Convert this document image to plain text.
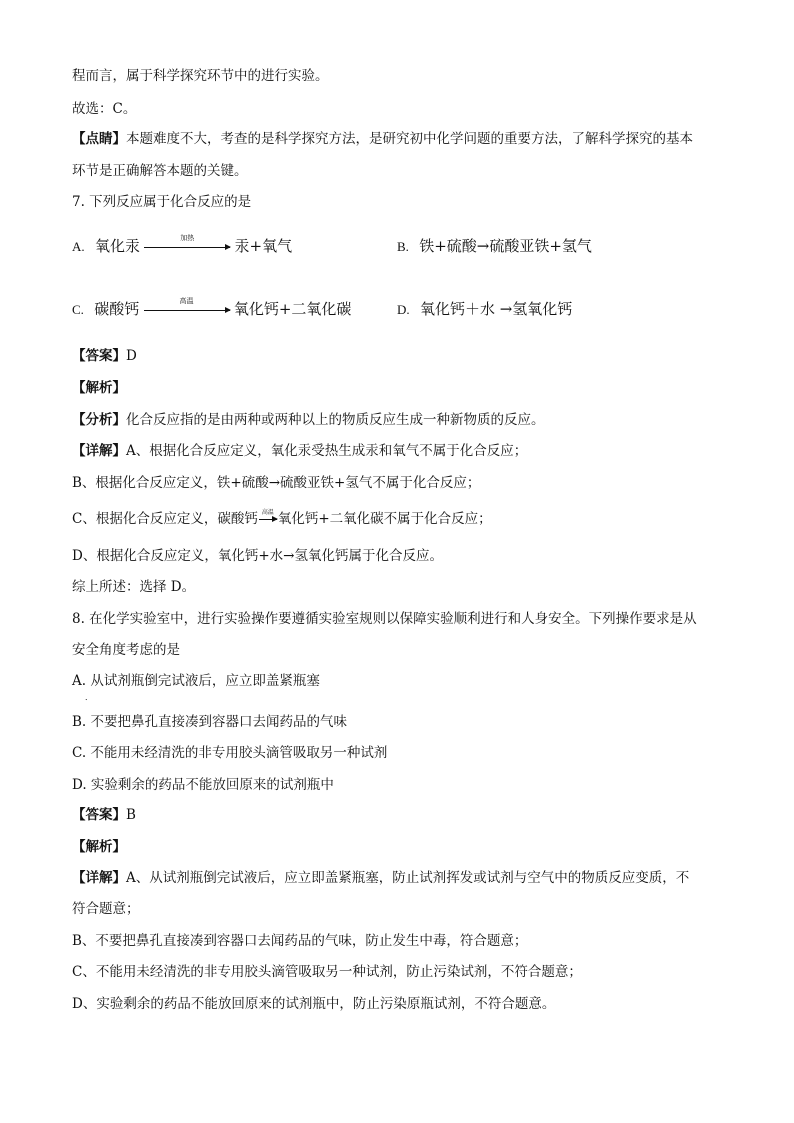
程而言，属于科学探究环节中的进行实验。
故选：C。
【点睛】本题难度不大，考查的是科学探究方法，是研究初中化学问题的重要方法，了解科学探究的基本
环节是正确解答本题的关键。
7. 下列反应属于化合反应的是
A. 氧化汞	加热	汞+氧气	B. 铁+硫酸→硫酸亚铁+氢气
C. 碳酸钙	高温	氧化钙+二氧化碳	D. 氧化钙＋水 →氢氧化钙
【答案】D
【解析】
【分析】化合反应指的是由两种或两种以上的物质反应生成一种新物质的反应。
【详解】A、根据化合反应定义，氧化汞受热生成汞和氧气不属于化合反应；
B、根据化合反应定义，铁+硫酸→硫酸亚铁+氢气不属于化合反应；
C、根据化合反应定义，碳酸钙 高温 氧化钙+二氧化碳不属于化合反应；
D、根据化合反应定义，氧化钙+水→氢氧化钙属于化合反应。
综上所述：选择 D。
8. 在化学实验室中，进行实验操作要遵循实验室规则以保障实验顺利进行和人身安全。下列操作要求是从
安全角度考虑的是
A. 从试剂瓶倒完试液后，应立即盖紧瓶塞
．
B. 不要把鼻孔直接凑到容器口去闻药品的气味
C. 不能用未经清洗的非专用胶头滴管吸取另一种试剂
D. 实验剩余的药品不能放回原来的试剂瓶中
【答案】B
【解析】
【详解】A、从试剂瓶倒完试液后，应立即盖紧瓶塞，防止试剂挥发或试剂与空气中的物质反应变质，不
符合题意；
B、不要把鼻孔直接凑到容器口去闻药品的气味，防止发生中毒，符合题意；
C、不能用未经清洗的非专用胶头滴管吸取另一种试剂，防止污染试剂，不符合题意；
D、实验剩余的药品不能放回原来的试剂瓶中，防止污染原瓶试剂，不符合题意。
